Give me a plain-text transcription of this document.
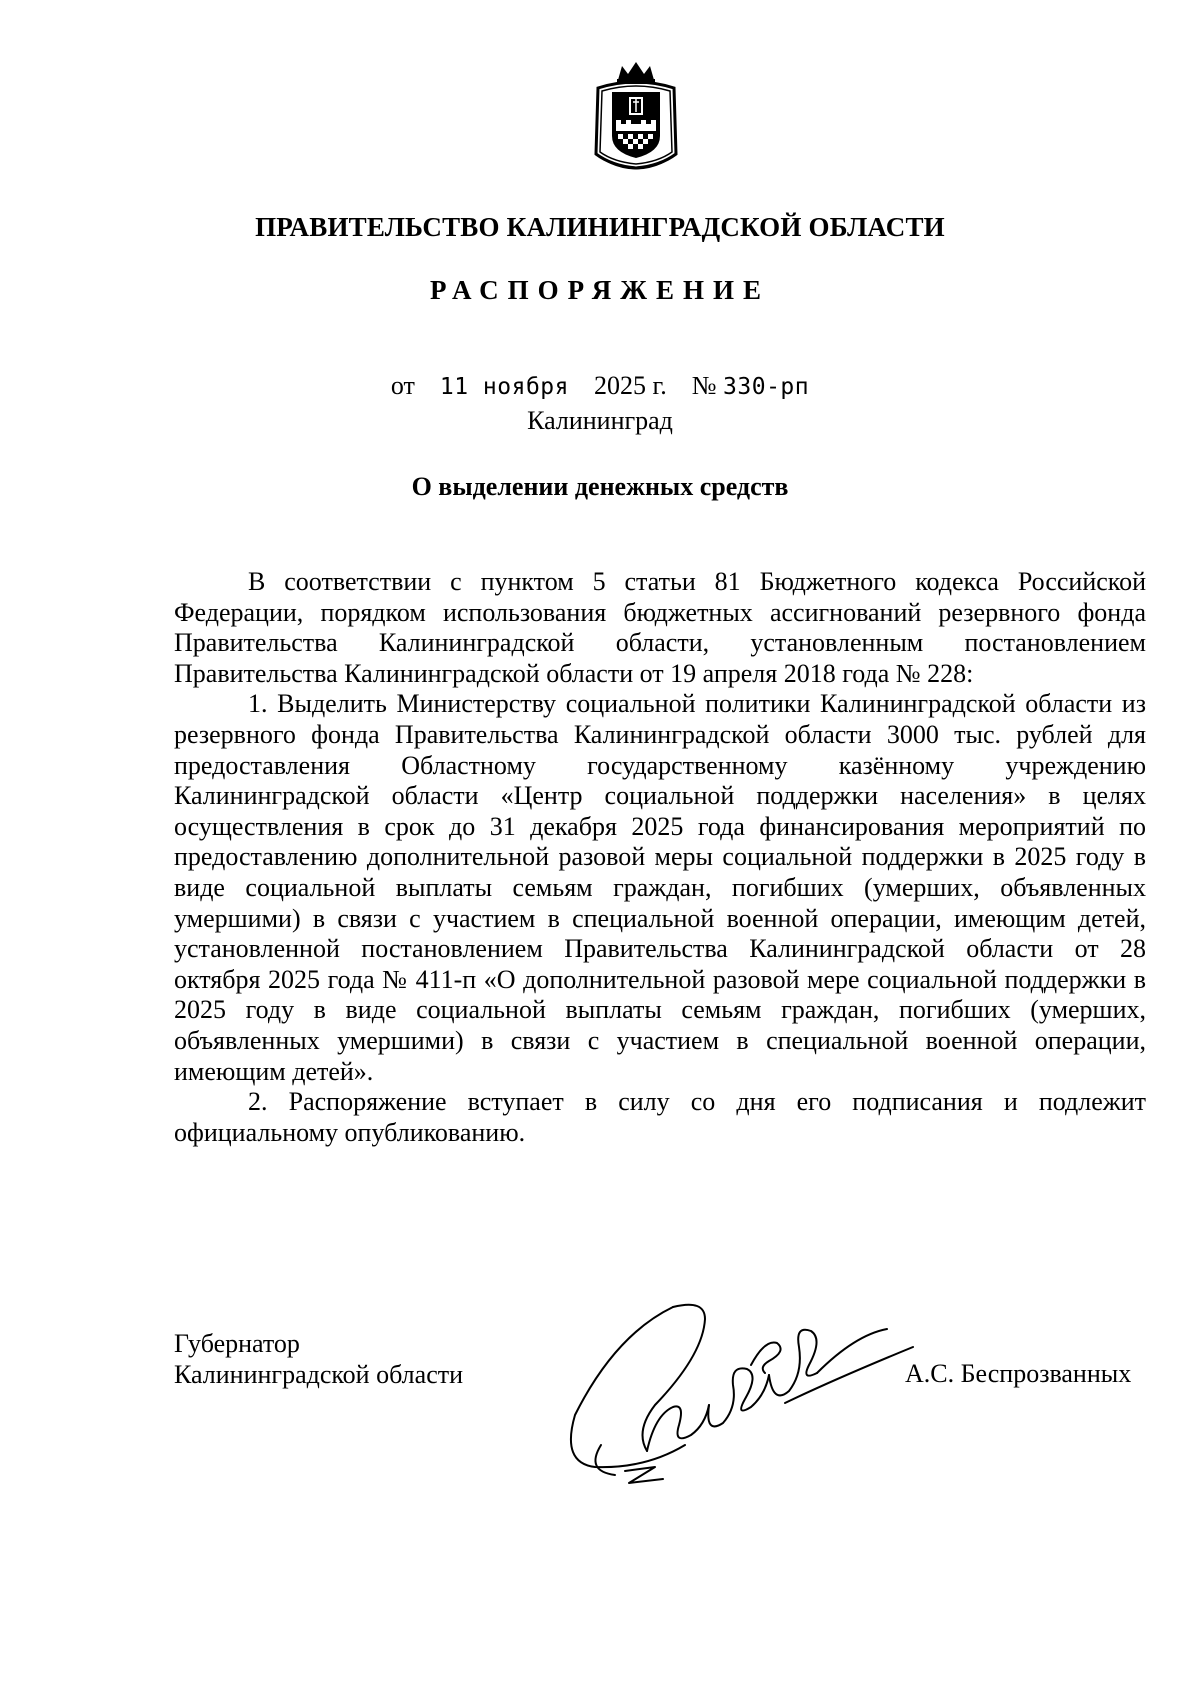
ПРАВИТЕЛЬСТВО КАЛИНИНГРАДСКОЙ ОБЛАСТИ
РАСПОРЯЖЕНИЕ
от 11 ноября 2025 г. № 330-рп
Калининград
О выделении денежных средств

В соответствии с пунктом 5 статьи 81 Бюджетного кодекса Российской Федерации, порядком использования бюджетных ассигнований резервного фонда Правительства Калининградской области, установленным постановлением Правительства Калининградской области от 19 апреля 2018 года № 228:

1. Выделить Министерству социальной политики Калининградской области из резервного фонда Правительства Калининградской области 3000 тыс. рублей для предоставления Областному государственному казённому учреждению Калининградской области «Центр социальной поддержки населения» в целях осуществления в срок до 31 декабря 2025 года финансирования мероприятий по предоставлению дополнительной разовой меры социальной поддержки в 2025 году в виде социальной выплаты семьям граждан, погибших (умерших, объявленных умершими) в связи с участием в специальной военной операции, имеющим детей, установленной постановлением Правительства Калининградской области от 28 октября 2025 года № 411-п «О дополнительной разовой мере социальной поддержки в 2025 году в виде социальной выплаты семьям граждан, погибших (умерших, объявленных умершими) в связи с участием в специальной военной операции, имеющим детей».

2. Распоряжение вступает в силу со дня его подписания и подлежит официальному опубликованию.

Губернатор
Калининградской области	А.С. Беспрозванных
